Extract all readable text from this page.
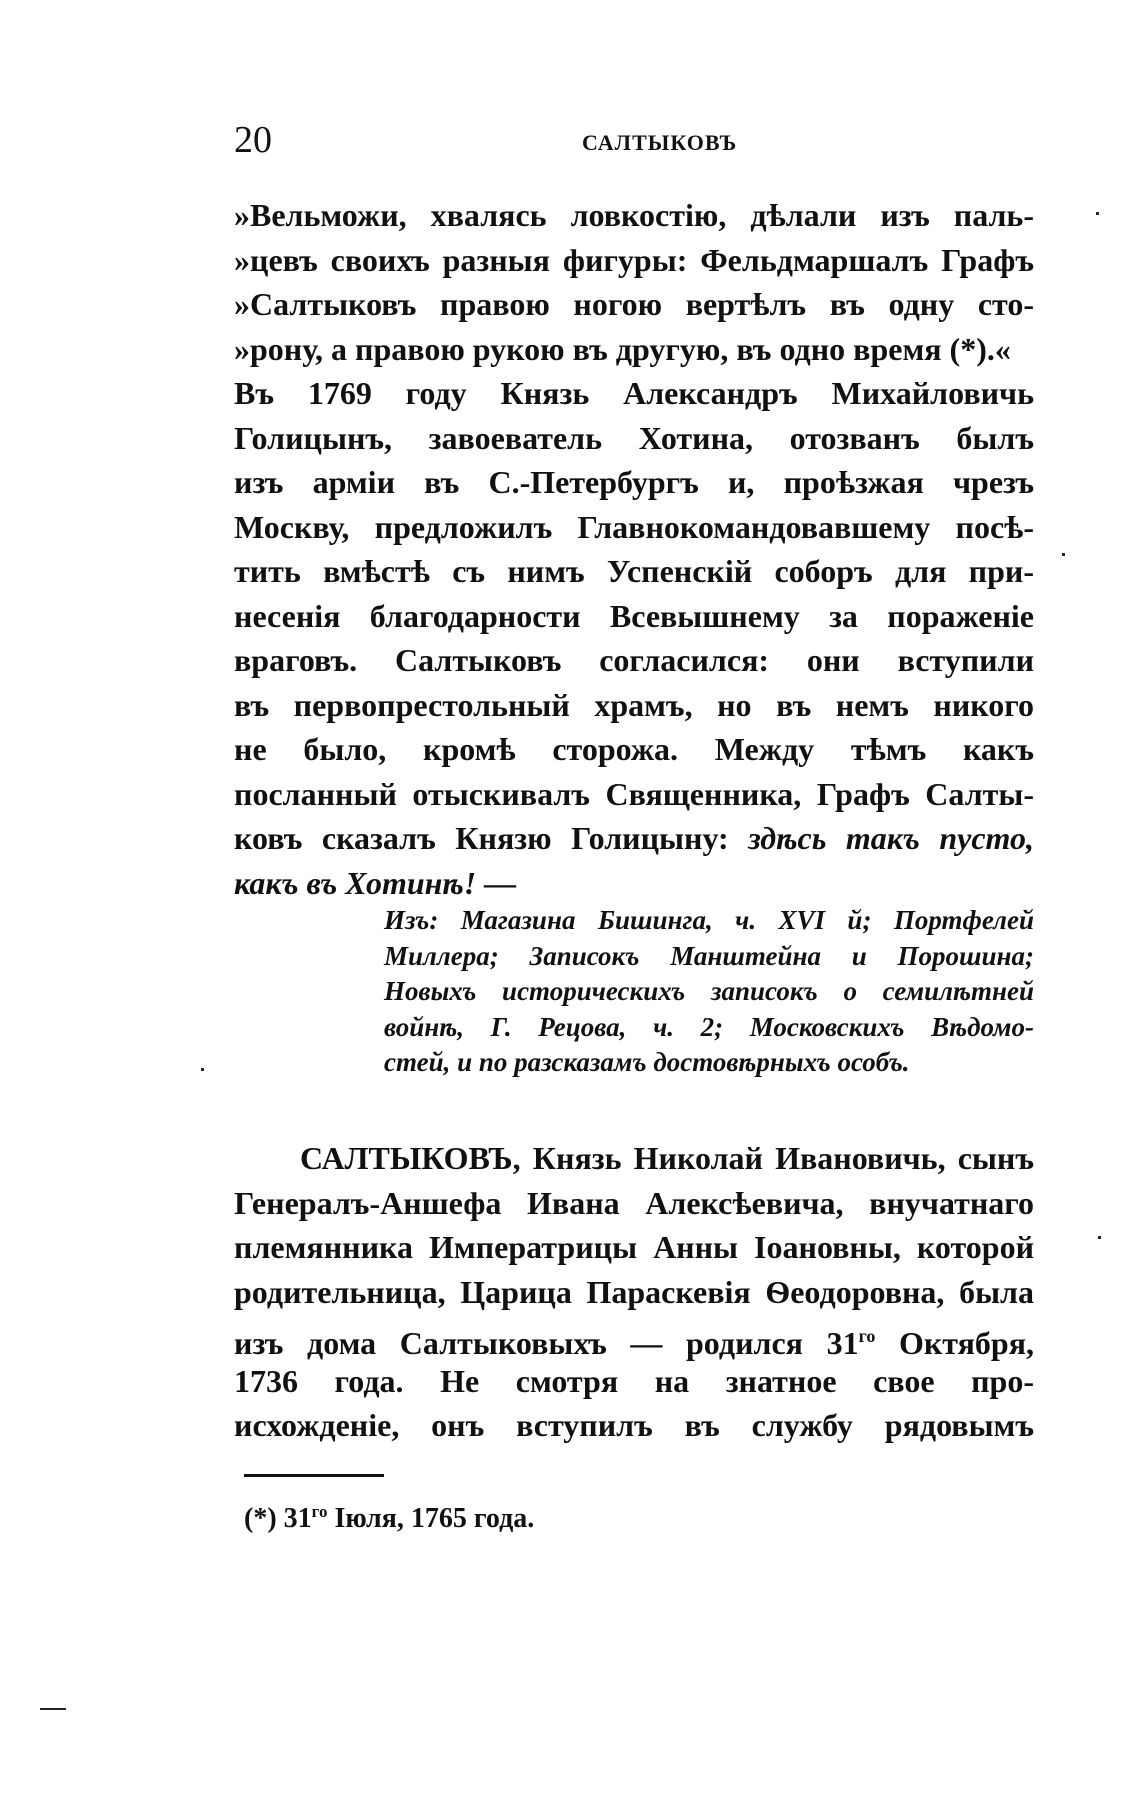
20	САЛТЫКОВЪ
»Вельможи, хвалясь ловкостію, дѣлали изъ паль-
»цевъ своихъ разныя фигуры: Фельдмаршалъ Графъ
»Салтыковъ правою ногою вертѣлъ въ одну сто-
»рону, а правою рукою въ другую, въ одно время (*).«
Въ 1769 году Князь Александръ Михайловичь
Голицынъ, завоеватель Хотина, отозванъ былъ
изъ арміи въ С.-Петербургъ и, проѣзжая чрезъ
Москву, предложилъ Главнокомандовавшему посѣ-
тить вмѣстѣ съ нимъ Успенскій соборъ для при-
несенія благодарности Всевышнему за пораженіе
враговъ. Салтыковъ согласился: они вступили
въ первопрестольный храмъ, но въ немъ никого
не было, кромѣ сторожа. Между тѣмъ какъ
посланный отыскивалъ Священника, Графъ Салты-
ковъ сказалъ Князю Голицыну: здѣсь такъ пусто,
какъ въ Хотинѣ! —
Изъ: Магазина Бишинга, ч. XVI й; Портфелей
Миллера; Записокъ Манштейна и Порошина;
Новыхъ историческихъ записокъ о семилѣтней
войнѣ, Г. Рецова, ч. 2; Московскихъ Вѣдомо-
стей, и по разсказамъ достовѣрныхъ особъ.
САЛТЫКОВЪ, Князь Николай Ивановичь, сынъ
Генералъ-Аншефа Ивана Алексѣевича, внучатнаго
племянника Императрицы Анны Іоановны, которой
родительница, Царица Параскевія Ѳеодоровна, была
изъ дома Салтыковыхъ — родился $31^{го}$ Октября,
1736 года. Не смотря на знатное свое про-
исхожденіе, онъ вступилъ въ службу рядовымъ
(*) $31^{го}$ Іюля, 1765 года.
